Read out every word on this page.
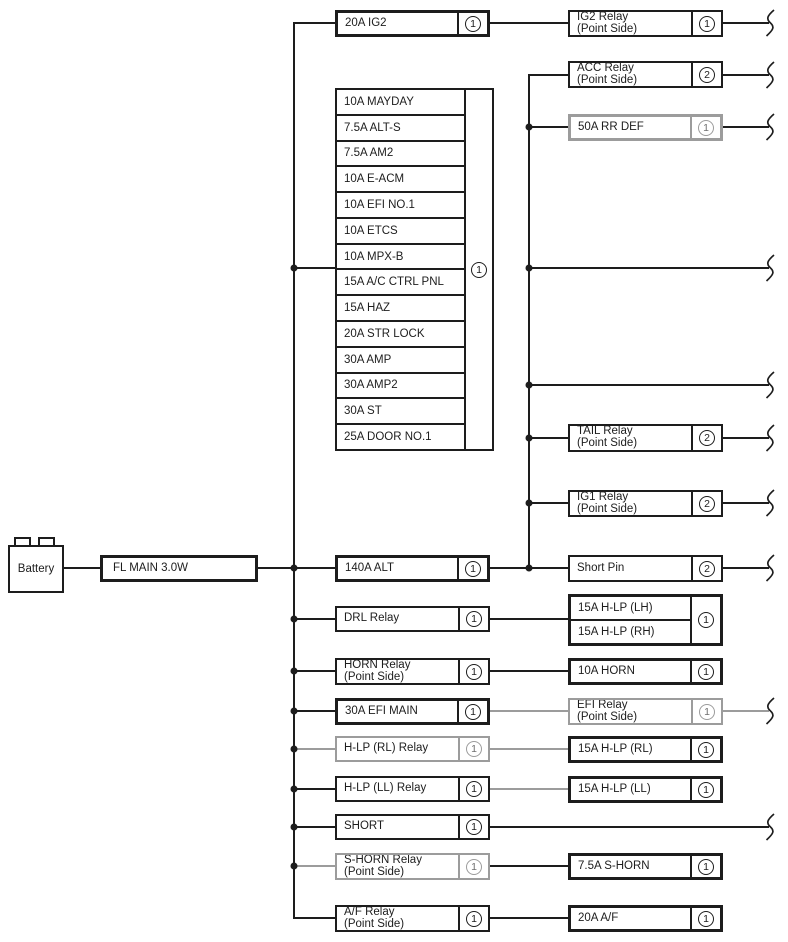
Battery	FL MAIN 3.0W
20A IG2	1
10A MAYDAY
7.5A ALT-S
7.5A AM2
10A E-ACM
10A EFI NO.1
10A ETCS
10A MPX-B
15A A/C CTRL PNL
15A HAZ
20A STR LOCK
30A AMP
30A AMP2
30A ST
25A DOOR NO.1
1
140A ALT	1
DRL Relay	1
HORN Relay
(Point Side)	1
30A EFI MAIN	1
H-LP (RL) Relay	1
H-LP (LL) Relay	1
SHORT	1
S-HORN Relay
(Point Side)	1
A/F Relay
(Point Side)	1
IG2 Relay
(Point Side)	1
ACC Relay
(Point Side)	2
50A RR DEF	1
TAIL Relay
(Point Side)	2
IG1 Relay
(Point Side)	2
Short Pin	2
15A H-LP (LH)
15A H-LP (RH)
1
10A HORN	1
EFI Relay
(Point Side)	1
15A H-LP (RL)	1
15A H-LP (LL)	1
7.5A S-HORN	1
20A A/F	1
